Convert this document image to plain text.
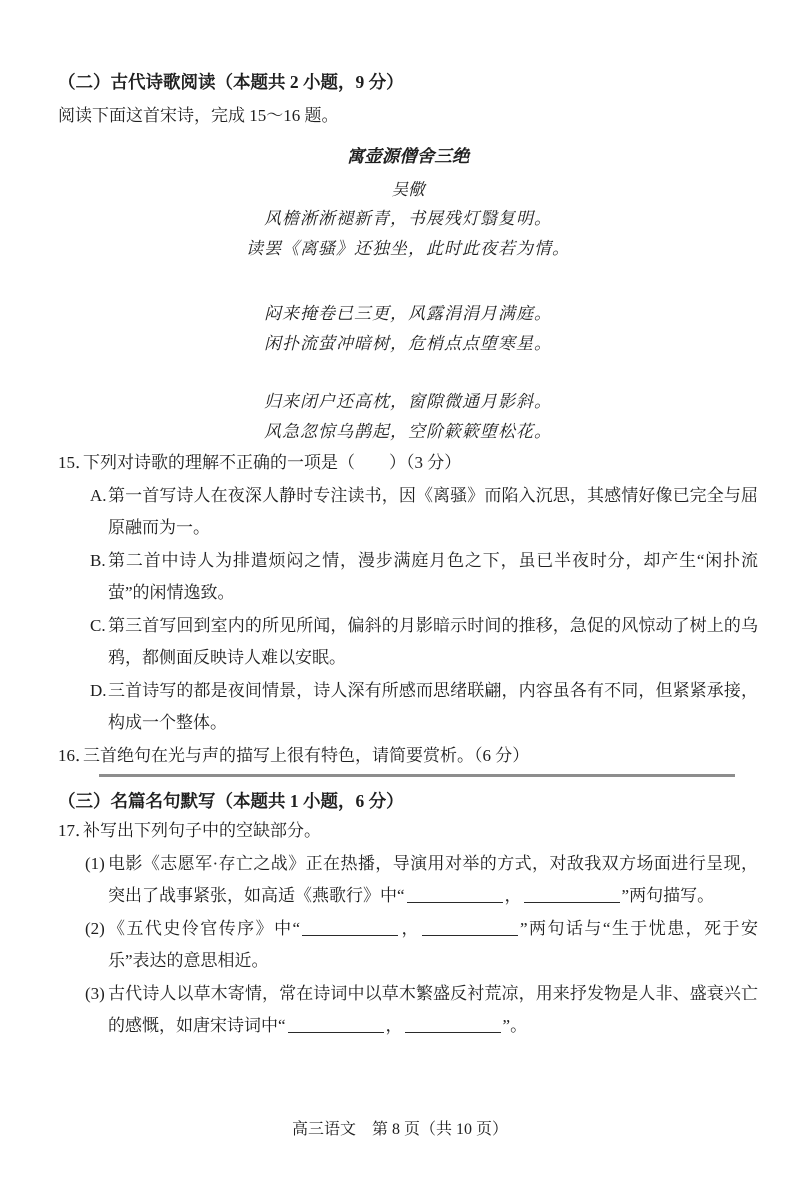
（二）古代诗歌阅读（本题共 2 小题，9 分）
阅读下面这首宋诗，完成 15～16 题。
寓壶源僧舍三绝
吴儆
风檐淅淅褪新青，书展残灯翳复明。
读罢《离骚》还独坐，此时此夜若为情。
闷来掩卷已三更，风露涓涓月满庭。
闲扑流萤冲暗树，危梢点点堕寒星。
归来闭户还高枕，窗隙微通月影斜。
风急忽惊乌鹊起，空阶簌簌堕松花。
15．
下列对诗歌的理解不正确的一项是（　　）（3 分）
A. 第一首写诗人在夜深人静时专注读书，因《离骚》而陷入沉思，其感情好像已完全与屈原融而为一。
B. 第二首中诗人为排遣烦闷之情，漫步满庭月色之下，虽已半夜时分，却产生“闲扑流萤”的闲情逸致。
C. 第三首写回到室内的所见所闻，偏斜的月影暗示时间的推移，急促的风惊动了树上的乌鸦，都侧面反映诗人难以安眠。
D. 三首诗写的都是夜间情景，诗人深有所感而思绪联翩，内容虽各有不同，但紧紧承接，构成一个整体。
16．
三首绝句在光与声的描写上很有特色，请简要赏析。（6 分）
（三）名篇名句默写（本题共 1 小题，6 分）
17．
补写出下列句子中的空缺部分。
(1) 电影《志愿军·存亡之战》正在热播，导演用对举的方式，对敌我双方场面进行呈现，突出了战事紧张，如高适《燕歌行》中“	，	”两句描写。
(2) 《五代史伶官传序》中“	，	”两句话与“生于忧患，死于安乐”表达的意思相近。
(3) 古代诗人以草木寄情，常在诗词中以草木繁盛反衬荒凉，用来抒发物是人非、盛衰兴亡的感慨，如唐宋诗词中“	，	”。
高三语文　第 8 页（共 10 页）
